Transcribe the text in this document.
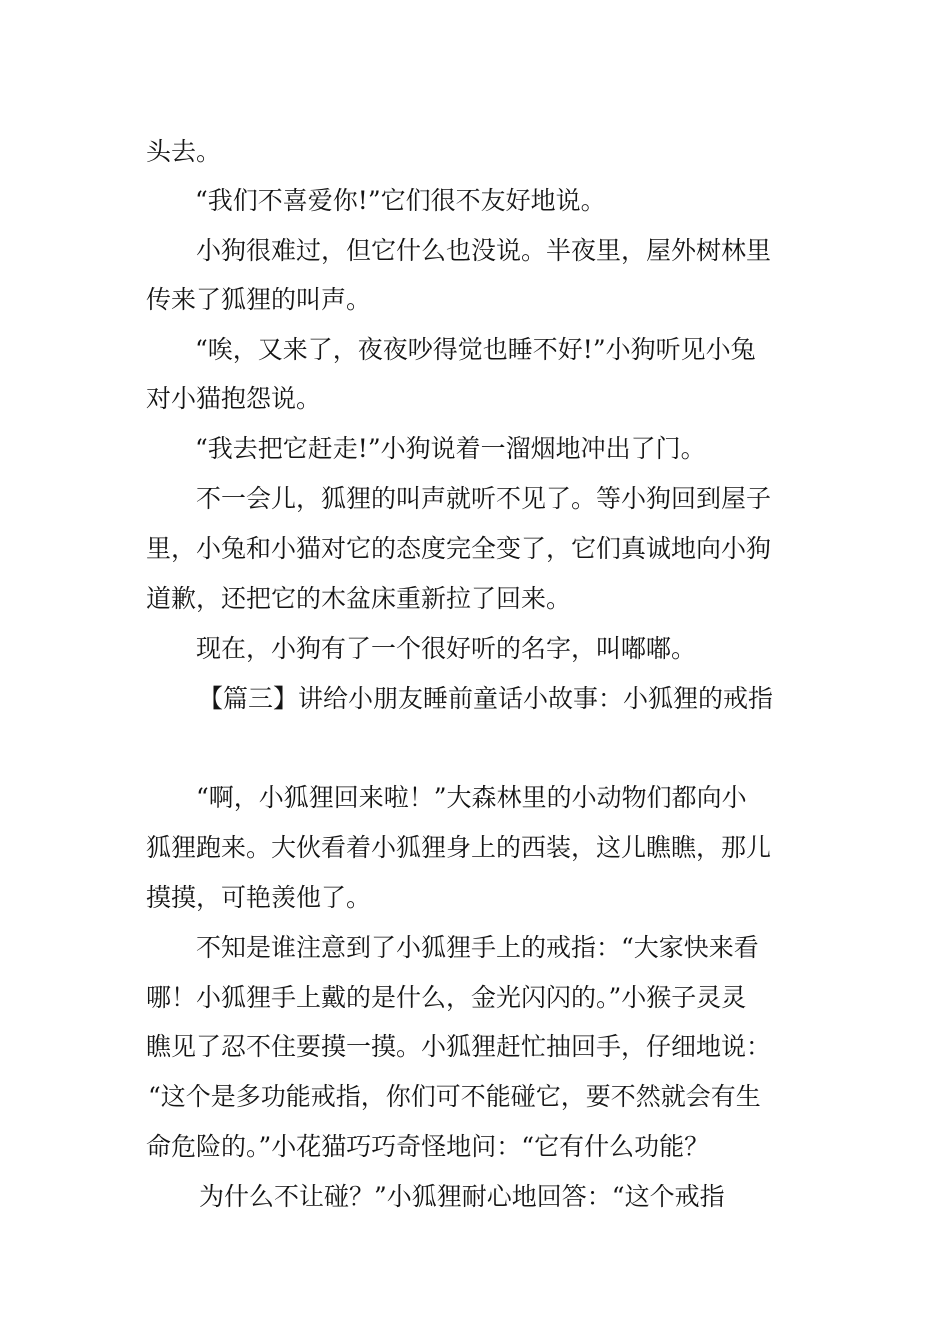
头去。
“我们不喜爱你!”它们很不友好地说。
小狗很难过，但它什么也没说。半夜里，屋外树林里
传来了狐狸的叫声。
“唉，又来了，夜夜吵得觉也睡不好!”小狗听见小兔
对小猫抱怨说。
“我去把它赶走!”小狗说着一溜烟地冲出了门。
不一会儿，狐狸的叫声就听不见了。等小狗回到屋子
里，小兔和小猫对它的态度完全变了，它们真诚地向小狗
道歉，还把它的木盆床重新拉了回来。
现在，小狗有了一个很好听的名字，叫嘟嘟。
【篇三】讲给小朋友睡前童话小故事：小狐狸的戒指
“啊，小狐狸回来啦！”大森林里的小动物们都向小
狐狸跑来。大伙看着小狐狸身上的西装，这儿瞧瞧，那儿
摸摸，可艳羡他了。
不知是谁注意到了小狐狸手上的戒指：“大家快来看
哪！小狐狸手上戴的是什么，金光闪闪的。”小猴子灵灵
瞧见了忍不住要摸一摸。小狐狸赶忙抽回手，仔细地说：
“这个是多功能戒指，你们可不能碰它，要不然就会有生
命危险的。”小花猫巧巧奇怪地问：“它有什么功能？
为什么不让碰？”小狐狸耐心地回答：“这个戒指
